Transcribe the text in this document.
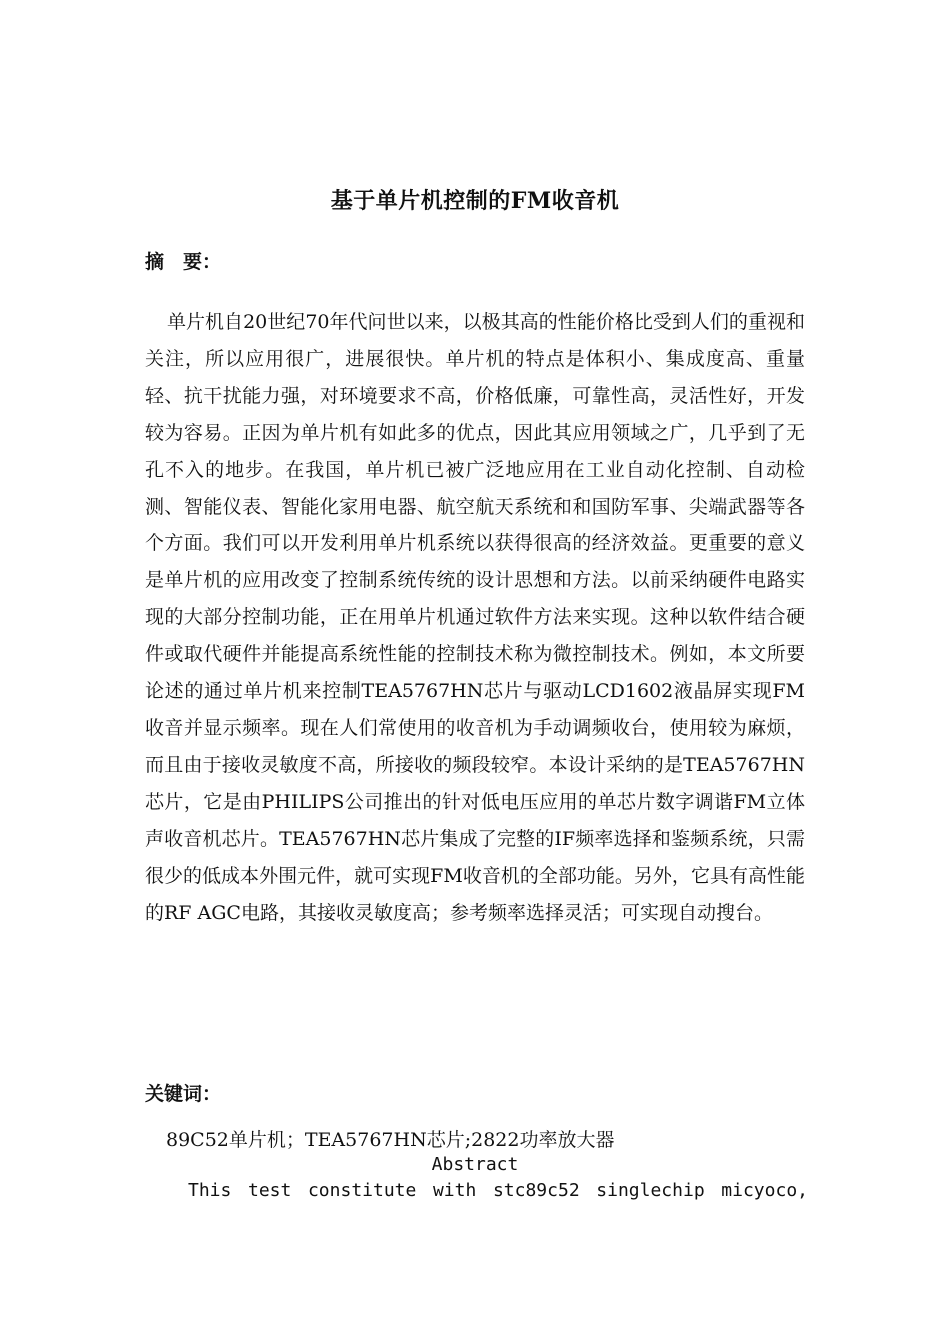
基于单片机控制的FM收音机
摘　要：
单片机自20世纪70年代问世以来，以极其高的性能价格比受到人们的重视和关注，所以应用很广，进展很快。单片机的特点是体积小、集成度高、重量轻、抗干扰能力强，对环境要求不高，价格低廉，可靠性高，灵活性好，开发较为容易。正因为单片机有如此多的优点，因此其应用领域之广，几乎到了无孔不入的地步。在我国，单片机已被广泛地应用在工业自动化控制、自动检测、智能仪表、智能化家用电器、航空航天系统和和国防军事、尖端武器等各个方面。我们可以开发利用单片机系统以获得很高的经济效益。更重要的意义是单片机的应用改变了控制系统传统的设计思想和方法。以前采纳硬件电路实现的大部分控制功能，正在用单片机通过软件方法来实现。这种以软件结合硬件或取代硬件并能提高系统性能的控制技术称为微控制技术。例如，本文所要论述的通过单片机来控制TEA5767HN芯片与驱动LCD1602液晶屏实现FM收音并显示频率。现在人们常使用的收音机为手动调频收台，使用较为麻烦，而且由于接收灵敏度不高，所接收的频段较窄。本设计采纳的是TEA5767HN芯片，它是由PHILIPS公司推出的针对低电压应用的单芯片数字调谐FM立体声收音机芯片。TEA5767HN芯片集成了完整的IF频率选择和鉴频系统，只需很少的低成本外围元件，就可实现FM收音机的全部功能。另外，它具有高性能的RF AGC电路，其接收灵敏度高；参考频率选择灵活；可实现自动搜台。
关键词：
89C52单片机；TEA5767HN芯片;2822功率放大器
Abstract
This test constitute with stc89c52 singlechip micyoco,
